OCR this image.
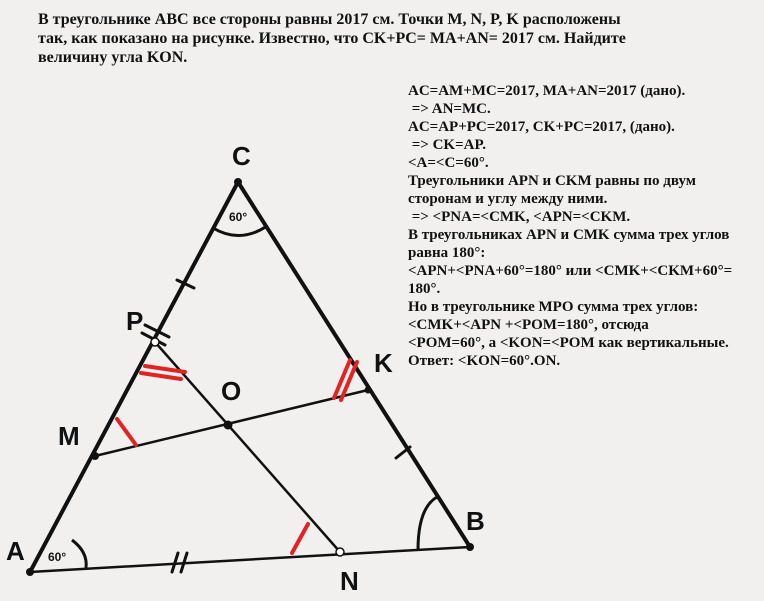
В треугольнике АВС все стороны равны 2017 см. Точки M, N, P, K расположены
так, как показано на рисунке. Известно, что CK+PC= MA+AN= 2017 см. Найдите
величину угла KON.
AC=AM+MC=2017, MA+AN=2017 (дано).
=> AN=MC.
AC=AP+PC=2017, CK+PC=2017, (дано).
=> CK=AP.
<A=<C=60°.
Треугольники APN и CKM равны по двум
сторонам и углу между ними.
=> <PNA=<CMK, <APN=<CKM.
В треугольниках APN и CMK сумма трех углов
равна 180°:
<APN+<PNA+60°=180° или <CMK+<CKM+60°=
180°.
Но в треугольнике MPO сумма трех углов:
<CMK+<APN +<POM=180°, отсюда
<POM=60°, а <KON=<POM как вертикальные.
Ответ: <KON=60°.ON.
C
A
B
P
M
O
K
N
60°
60°
